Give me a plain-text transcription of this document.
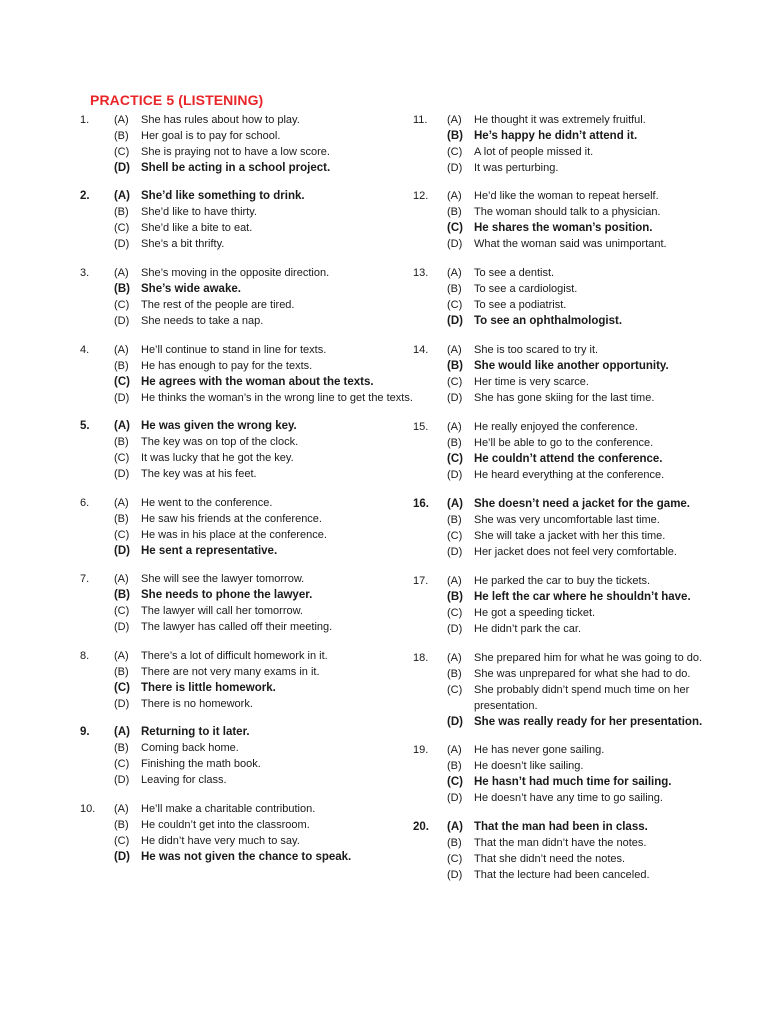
PRACTICE 5 (LISTENING)
1.	(A)	She has rules about how to play.
(B)	Her goal is to pay for school.
(C)	She is praying not to have a low score.
(D) Shell be acting in a school project.
2.	(A) She’d like something to drink.
(B)	She’d like to have thirty.
(C)	She’d like a bite to eat.
(D)	She’s a bit thrifty.
3.	(A)	She’s moving in the opposite direction.
(B) She’s wide awake.
(C)	The rest of the people are tired.
(D)	She needs to take a nap.
4.	(A)	He’ll continue to stand in line for texts.
(B)	He has enough to pay for the texts.
(C) He agrees with the woman about the texts.
(D)	He thinks the woman’s in the wrong line to get the texts.
5.	(A) He was given the wrong key.
(B)	The key was on top of the clock.
(C)	It was lucky that he got the key.
(D)	The key was at his feet.
6.	(A)	He went to the conference.
(B)	He saw his friends at the conference.
(C)	He was in his place at the conference.
(D) He sent a representative.
7.	(A)	She will see the lawyer tomorrow.
(B) She needs to phone the lawyer.
(C)	The lawyer will call her tomorrow.
(D)	The lawyer has called off their meeting.
8.	(A)	There’s a lot of difficult homework in it.
(B)	There are not very many exams in it.
(C) There is little homework.
(D)	There is no homework.
9.	(A) Returning to it later.
(B)	Coming back home.
(C)	Finishing the math book.
(D)	Leaving for class.
10.	(A)	He’ll make a charitable contribution.
(B)	He couldn’t get into the classroom.
(C)	He didn’t have very much to say.
(D) He was not given the chance to speak.
11.	(A)	He thought it was extremely fruitful.
(B) He’s happy he didn’t attend it.
(C)	A lot of people missed it.
(D)	It was perturbing.
12.	(A)	He’d like the woman to repeat herself.
(B)	The woman should talk to a physician.
(C) He shares the woman’s position.
(D)	What the woman said was unimportant.
13.	(A)	To see a dentist.
(B)	To see a cardiologist.
(C)	To see a podiatrist.
(D) To see an ophthalmologist.
14.	(A)	She is too scared to try it.
(B) She would like another opportunity.
(C)	Her time is very scarce.
(D)	She has gone skiing for the last time.
15.	(A)	He really enjoyed the conference.
(B)	He’ll be able to go to the conference.
(C) He couldn’t attend the conference.
(D)	He heard everything at the conference.
16.	(A) She doesn’t need a jacket for the game.
(B)	She was very uncomfortable last time.
(C)	She will take a jacket with her this time.
(D)	Her jacket does not feel very comfortable.
17.	(A)	He parked the car to buy the tickets.
(B) He left the car where he shouldn’t have.
(C)	He got a speeding ticket.
(D)	He didn’t park the car.
18.	(A)	She prepared him for what he was going to do.
(B)	She was unprepared for what she had to do.
(C)	She probably didn’t spend much time on her presentation.
(D) She was really ready for her presentation.
19.	(A)	He has never gone sailing.
(B)	He doesn’t like sailing.
(C) He hasn’t had much time for sailing.
(D)	He doesn’t have any time to go sailing.
20.	(A) That the man had been in class.
(B)	That the man didn’t have the notes.
(C)	That she didn’t need the notes.
(D)	That the lecture had been canceled.
